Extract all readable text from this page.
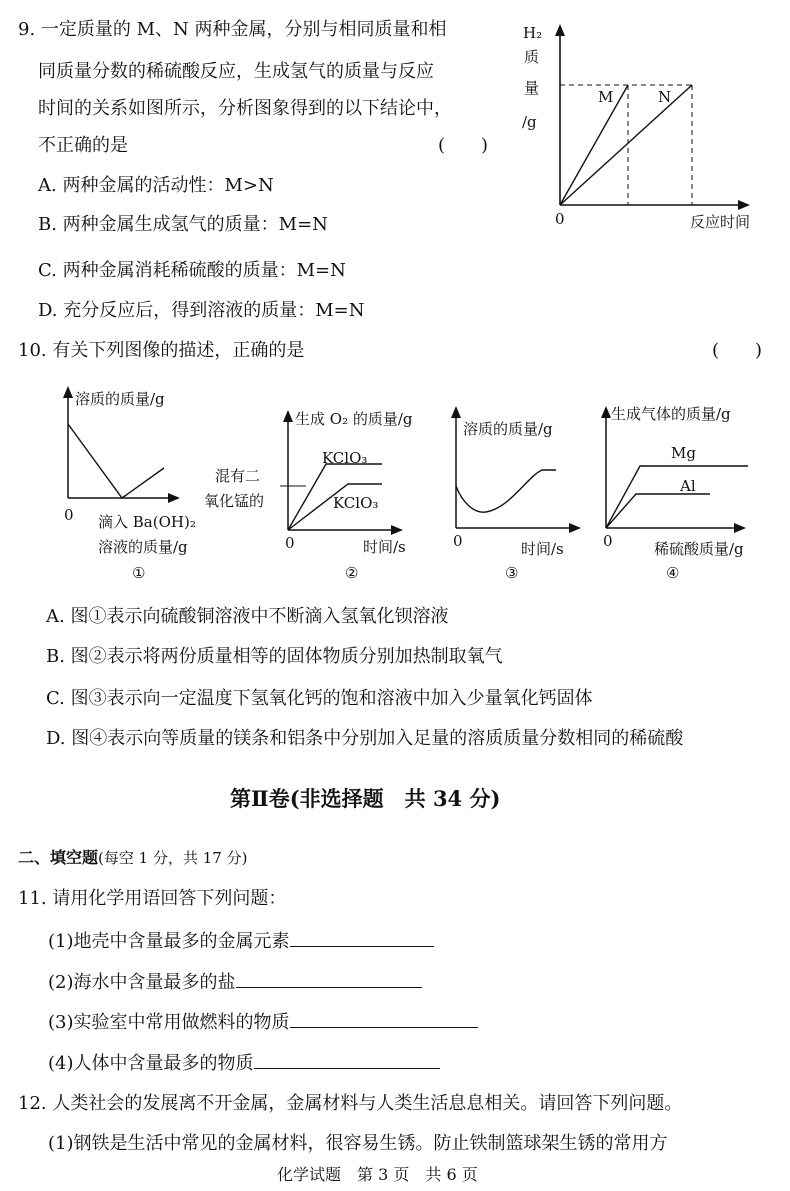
9. 一定质量的 M、N 两种金属，分别与相同质量和相
同质量分数的稀硫酸反应，生成氢气的质量与反应
时间的关系如图所示，分析图象得到的以下结论中，
不正确的是	(　　)
A. 两种金属的活动性：M>N
B. 两种金属生成氢气的质量：M=N
C. 两种金属消耗稀硫酸的质量：M=N
D. 充分反应后，得到溶液的质量：M=N
H₂
质
量
/g
0	反应时间
M	N
10. 有关下列图像的描述，正确的是	(　　)
溶质的质量/g
0 滴入 Ba(OH)₂
溶液的质量/g
①
生成 O₂ 的质量/g
KClO₃
KClO₃
混有二
氧化锰的
0	时间/s
②
溶质的质量/g
0	时间/s
③
生成气体的质量/g
Mg
Al
0	稀硫酸质量/g
④
A. 图①表示向硫酸铜溶液中不断滴入氢氧化钡溶液
B. 图②表示将两份质量相等的固体物质分别加热制取氧气
C. 图③表示向一定温度下氢氧化钙的饱和溶液中加入少量氧化钙固体
D. 图④表示向等质量的镁条和铝条中分别加入足量的溶质质量分数相同的稀硫酸
第Ⅱ卷(非选择题　共 34 分)
二、填空题(每空 1 分，共 17 分)
11. 请用化学用语回答下列问题：
(1)地壳中含量最多的金属元素
(2)海水中含量最多的盐
(3)实验室中常用做燃料的物质
(4)人体中含量最多的物质
12. 人类社会的发展离不开金属，金属材料与人类生活息息相关。请回答下列问题。
(1)钢铁是生活中常见的金属材料，很容易生锈。防止铁制篮球架生锈的常用方
化学试题　第 3 页　共 6 页
